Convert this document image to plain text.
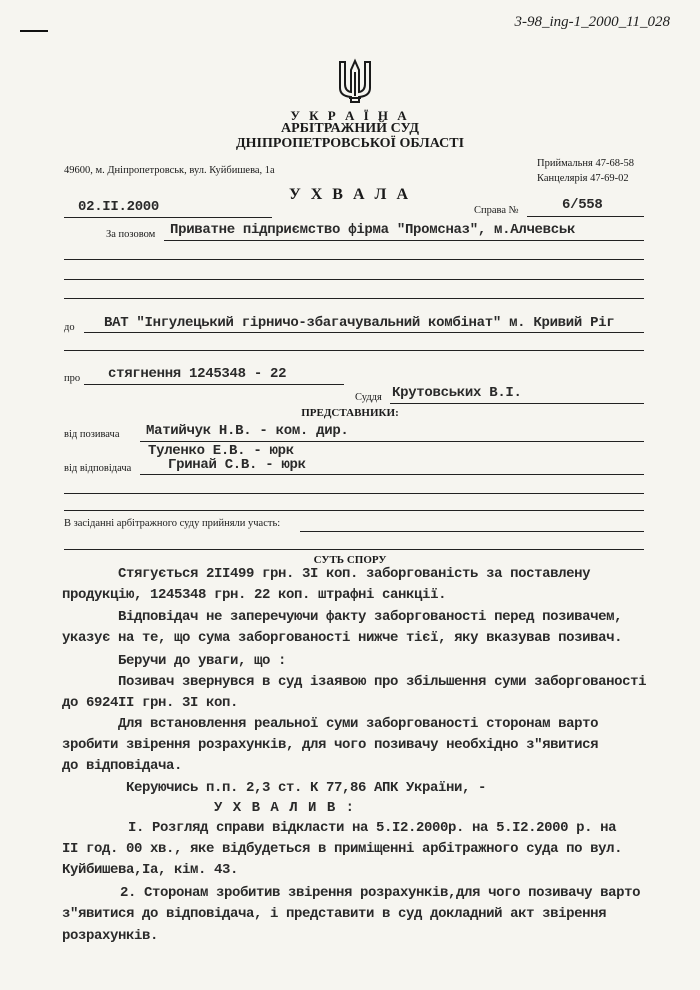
3-98_ing-1_2000_11_028
У К Р А Ї Н А
АРБІТРАЖНИЙ СУД
ДНІПРОПЕТРОВСЬКОЇ ОБЛАСТІ
49600, м. Дніпропетровськ, вул. Куйбишева, 1а
Приймальня 47-68-58
Канцелярія 47-69-02
У Х В А Л А
02.II.2000	Справа №	6/558
За позовом Приватне підприємство фірма "Промсназ", м.Алчевськ
до ВАТ "Інгулецький гірничо-збагачувальний комбінат" м. Кривий Ріг
про стягнення 1245348 - 22
Суддя Крутовських В.І.
ПРЕДСТАВНИКИ:
від позивача Матийчук Н.В. - ком. дир.
Туленко Е.В. - юрк
від відповідача	Гринай С.В. - юрк
В засіданні арбітражного суду прийняли участь:
СУТЬ СПОРУ
Стягується 2II499 грн. 3I коп. заборгованість за поставлену
продукцію, 1245348 грн. 22 коп. штрафні санкції.
Відповідач не заперечуючи факту заборгованості перед позивачем,
указує на те, що сума заборгованості нижче тієї, яку вказував позивач.
Беручи до уваги, що :
Позивач звернувся в суд ізаявою про збільшення суми заборгованості
до 6924II грн. 3I коп.
Для встановлення реальної суми заборгованості сторонам варто
зробити звірення розрахунків, для чого позивачу необхідно з"явитися
до відповідача.
Керуючись п.п. 2,3 ст. К 77,86 АПК України, -
У Х В А Л И В :
I. Розгляд справи відкласти на 5.I2.2000р. на 5.I2.2000 р. на
II год. 00 хв., яке відбудеться в приміщенні арбітражного суда по вул.
Куйбишева,Іа, кім. 43.
2. Сторонам зробитив звірення розрахунків,для чого позивачу варто
з"явитися до відповідача, і представити в суд докладний акт звірення
розрахунків.
